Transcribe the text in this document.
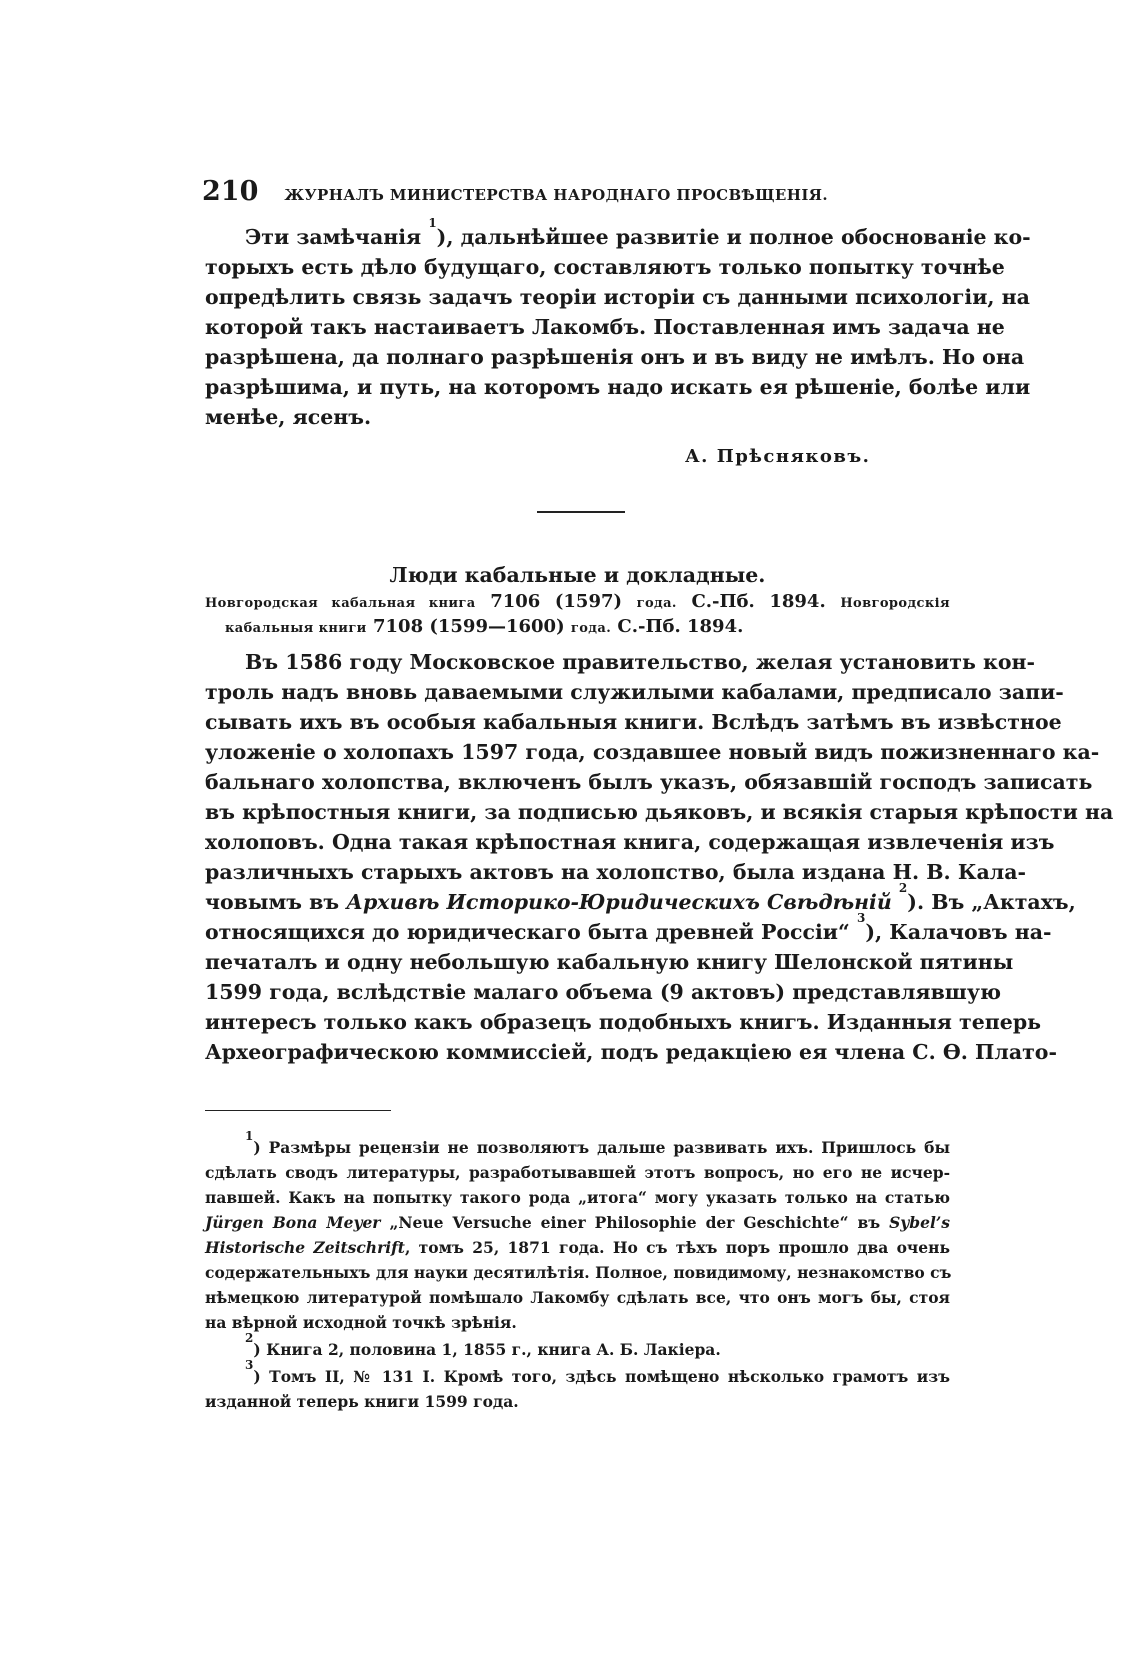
210 ЖУРНАЛЪ МИНИСТЕРСТВА НАРОДНАГО ПРОСВѢЩЕНІЯ.
Эти замѣчанія $^1$), дальнѣйшее развитіе и полное обоснованіе ко-
торыхъ есть дѣло будущаго, составляютъ только попытку точнѣе
опредѣлить связь задачъ теоріи исторіи съ данными психологіи, на
которой такъ настаиваетъ Лакомбъ. Поставленная имъ задача не
разрѣшена, да полнаго разрѣшенія онъ и въ виду не имѣлъ. Но она
разрѣшима, и путь, на которомъ надо искать ея рѣшеніе, болѣе или
менѣе, ясенъ.
А. Прѣсняковъ.
Люди кабальные и докладные.
Новгородская кабальная книга 7106 (1597) года. С.-Пб. 1894. Новгородскія
кабальныя книги 7108 (1599—1600) года. С.-Пб. 1894.
Въ 1586 году Московское правительство, желая установить кон-
троль надъ вновь даваемыми служилыми кабалами, предписало запи-
сывать ихъ въ особыя кабальныя книги. Вслѣдъ затѣмъ въ извѣстное
уложеніе о холопахъ 1597 года, создавшее новый видъ пожизненнаго ка-
бальнаго холопства, включенъ былъ указъ, обязавшій господъ записать
въ крѣпостныя книги, за подписью дьяковъ, и всякія старыя крѣпости на
холоповъ. Одна такая крѣпостная книга, содержащая извлеченія изъ
различныхъ старыхъ актовъ на холопство, была издана Н. В. Кала-
човымъ въ Архивѣ Историко-Юридическихъ Свѣдѣній $^2$). Въ „Актахъ,
относящихся до юридическаго быта древней Россіи“ $^3$), Калачовъ на-
печаталъ и одну небольшую кабальную книгу Шелонской пятины
1599 года, вслѣдствіе малаго объема (9 актовъ) представлявшую
интересъ только какъ образецъ подобныхъ книгъ. Изданныя теперь
Археографическою коммиссіей, подъ редакціею ея члена С. Ѳ. Плато-
$^1$) Размѣры рецензіи не позволяютъ дальше развивать ихъ. Пришлось бы
сдѣлать сводъ литературы, разработывавшей этотъ вопросъ, но его не исчер-
павшей. Какъ на попытку такого рода „итога“ могу указать только на статью
Jürgen Bona Meyer „Neue Versuche einer Philosophie der Geschichte“ въ Sybel’s
Historische Zeitschrift, томъ 25, 1871 года. Но съ тѣхъ поръ прошло два очень
содержательныхъ для науки десятилѣтія. Полное, повидимому, незнакомство съ
нѣмецкою литературой помѣшало Лакомбу сдѣлать все, что онъ могъ бы, стоя
на вѣрной исходной точкѣ зрѣнія.
$^2$) Книга 2, половина 1, 1855 г., книга А. Б. Лакіера.
$^3$) Томъ II, № 131 I. Кромѣ того, здѣсь помѣщено нѣсколько грамотъ изъ
изданной теперь книги 1599 года.
